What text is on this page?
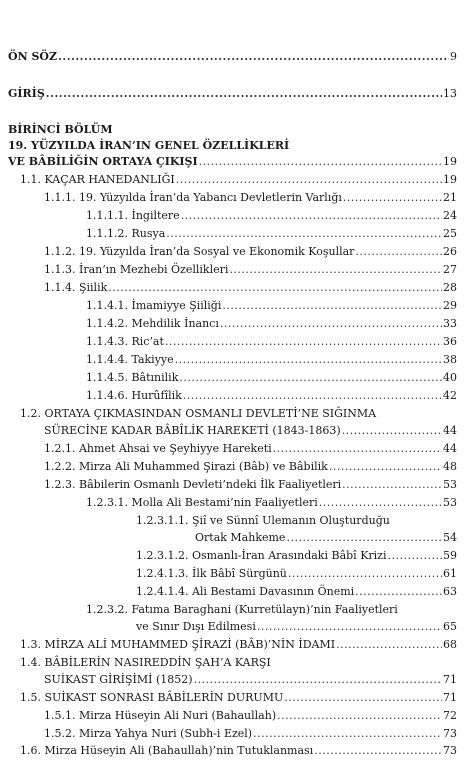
ÖN SÖZ .....	9
GİRİŞ .....	13
BİRİNCİ BÖLÜM
19. YÜZYILDA İRAN’IN GENEL ÖZELLİKLERİ
VE BÂBİLİĞİN ORTAYA ÇIKIŞI .....	19
1.1. KAÇAR HANEDANLIĞI .....	19
1.1.1. 19. Yüzyılda İran’da Yabancı Devletlerin Varlığı .....	21
1.1.1.1. İngiltere .....	24
1.1.1.2. Rusya .....	25
1.1.2. 19. Yüzyılda İran’da Sosyal ve Ekonomik Koşullar .....	26
1.1.3. İran’ın Mezhebi Özellikleri .....	27
1.1.4. Şiilik .....	28
1.1.4.1. İmamiyye Şiiliği .....	29
1.1.4.2. Mehdilik İnancı .....	33
1.1.4.3. Ric’at .....	36
1.1.4.4. Takiyye .....	38
1.1.4.5. Bâtınilik .....	40
1.1.4.6. Hurûfîlik .....	42
1.2. ORTAYA ÇIKMASINDAN OSMANLI DEVLETİ’NE SIĞINMA
SÜRECİNE KADAR BÂBÎLİK HAREKETİ (1843-1863) .....	44
1.2.1. Ahmet Ahsai ve Şeyhiyye Hareketi .....	44
1.2.2. Mirza Ali Muhammed Şirazi (Bâb) ve Bâbilik .....	48
1.2.3. Bâbilerin Osmanlı Devleti’ndeki İlk Faaliyetleri .....	53
1.2.3.1. Molla Ali Bestami’nin Faaliyetleri .....	53
1.2.3.1.1. Şiî ve Sünnî Ulemanın Oluşturduğu
Ortak Mahkeme .....	54
1.2.3.1.2. Osmanlı-İran Arasındaki Bâbî Krizi .....	59
1.2.4.1.3. İlk Bâbî Sürgünü .....	61
1.2.4.1.4. Ali Bestami Davasının Önemi .....	63
1.2.3.2. Fatıma Baraghani (Kurretülayn)’nin Faaliyetleri
ve Sınır Dışı Edilmesi .....	65
1.3. MİRZA ALİ MUHAMMED ŞİRAZİ (BÂB)’NİN İDAMI .....	68
1.4. BÂBİLERİN NASIREDDİN ŞAH’A KARŞI
SUİKAST GİRİŞİMİ (1852) .....	71
1.5. SUİKAST SONRASI BÂBİLERİN DURUMU .....	71
1.5.1. Mirza Hüseyin Ali Nuri (Bahaullah) .....	72
1.5.2. Mirza Yahya Nuri (Subh-i Ezel) .....	73
1.6. Mirza Hüseyin Ali (Bahaullah)’nin Tutuklanması .....	73
